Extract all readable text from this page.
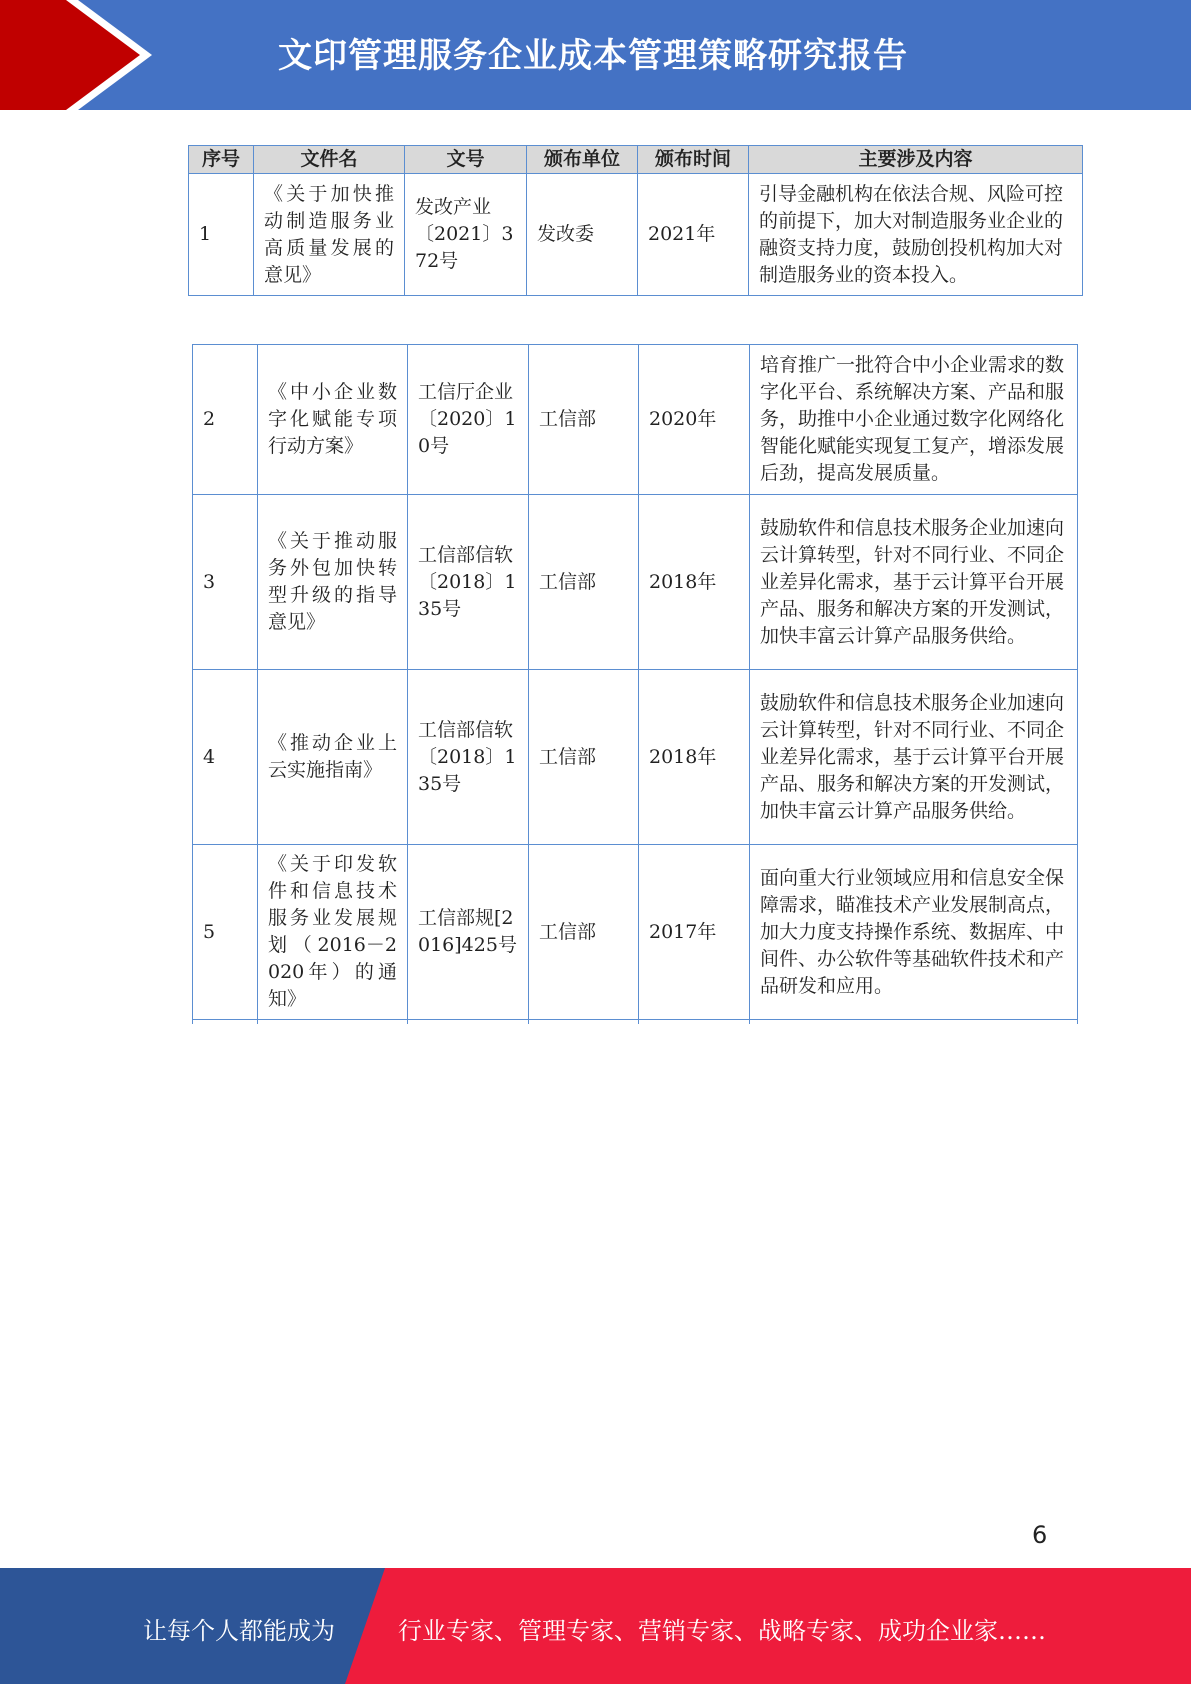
文印管理服务企业成本管理策略研究报告
序号	文件名	文号	颁布单位	颁布时间	主要涉及内容
1	《关于加快推动制造服务业高质量发展的意见》	发改产业〔2021〕372号	发改委	2021年	引导金融机构在依法合规、风险可控的前提下，加大对制造服务业企业的融资支持力度，鼓励创投机构加大对制造服务业的资本投入。
2	《中小企业数字化赋能专项行动方案》	工信厅企业〔2020〕10号	工信部	2020年	培育推广一批符合中小企业需求的数字化平台、系统解决方案、产品和服务，助推中小企业通过数字化网络化智能化赋能实现复工复产，增添发展后劲，提高发展质量。
3	《关于推动服务外包加快转型升级的指导意见》	工信部信软〔2018〕135号	工信部	2018年	鼓励软件和信息技术服务企业加速向云计算转型，针对不同行业、不同企业差异化需求，基于云计算平台开展产品、服务和解决方案的开发测试，加快丰富云计算产品服务供给。
4	《推动企业上云实施指南》	工信部信软〔2018〕135号	工信部	2018年	鼓励软件和信息技术服务企业加速向云计算转型，针对不同行业、不同企业差异化需求，基于云计算平台开展产品、服务和解决方案的开发测试，加快丰富云计算产品服务供给。
5	《关于印发软件和信息技术服务业发展规划（2016－2020年）的通知》	工信部规[2016]425号	工信部	2017年	面向重大行业领域应用和信息安全保障需求，瞄准技术产业发展制高点，加大力度支持操作系统、数据库、中间件、办公软件等基础软件技术和产品研发和应用。

6
让每个人都能成为	行业专家、管理专家、营销专家、战略专家、成功企业家……
